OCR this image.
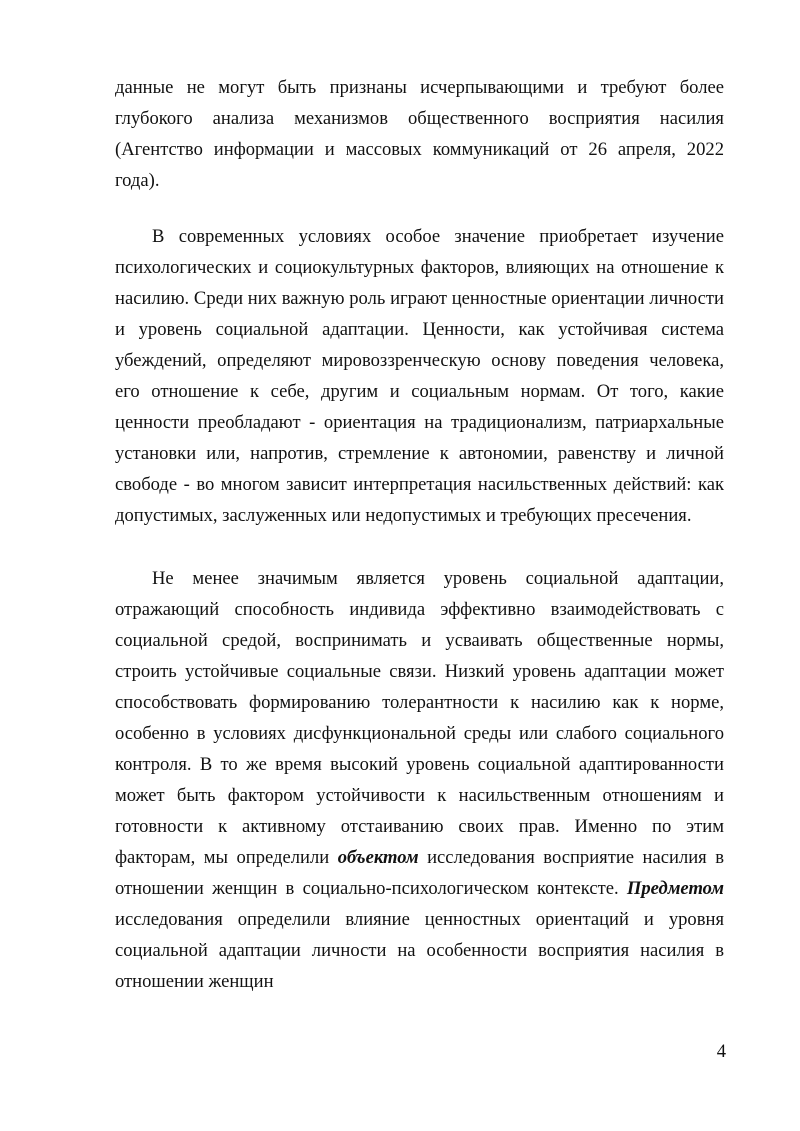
данные не могут быть признаны исчерпывающими и требуют более
глубокого анализа механизмов общественного восприятия насилия
(Агентство информации и массовых коммуникаций от 26 апреля, 2022
года).
В современных условиях особое значение приобретает изучение
психологических и социокультурных факторов, влияющих на отношение к
насилию. Среди них важную роль играют ценностные ориентации личности
и уровень социальной адаптации. Ценности, как устойчивая система
убеждений, определяют мировоззренческую основу поведения человека,
его отношение к себе, другим и социальным нормам. От того, какие
ценности преобладают - ориентация на традиционализм, патриархальные
установки или, напротив, стремление к автономии, равенству и личной
свободе - во многом зависит интерпретация насильственных действий: как
допустимых, заслуженных или недопустимых и требующих пресечения.
Не менее значимым является уровень социальной адаптации,
отражающий способность индивида эффективно взаимодействовать с
социальной средой, воспринимать и усваивать общественные нормы,
строить устойчивые социальные связи. Низкий уровень адаптации может
способствовать формированию толерантности к насилию как к норме,
особенно в условиях дисфункциональной среды или слабого социального
контроля. В то же время высокий уровень социальной адаптированности
может быть фактором устойчивости к насильственным отношениям и
готовности к активному отстаиванию своих прав. Именно по этим
факторам, мы определили объектом исследования восприятие насилия в
отношении женщин в социально-психологическом контексте. Предметом
исследования определили влияние ценностных ориентаций и уровня
социальной адаптации личности на особенности восприятия насилия в
отношении женщин
4
